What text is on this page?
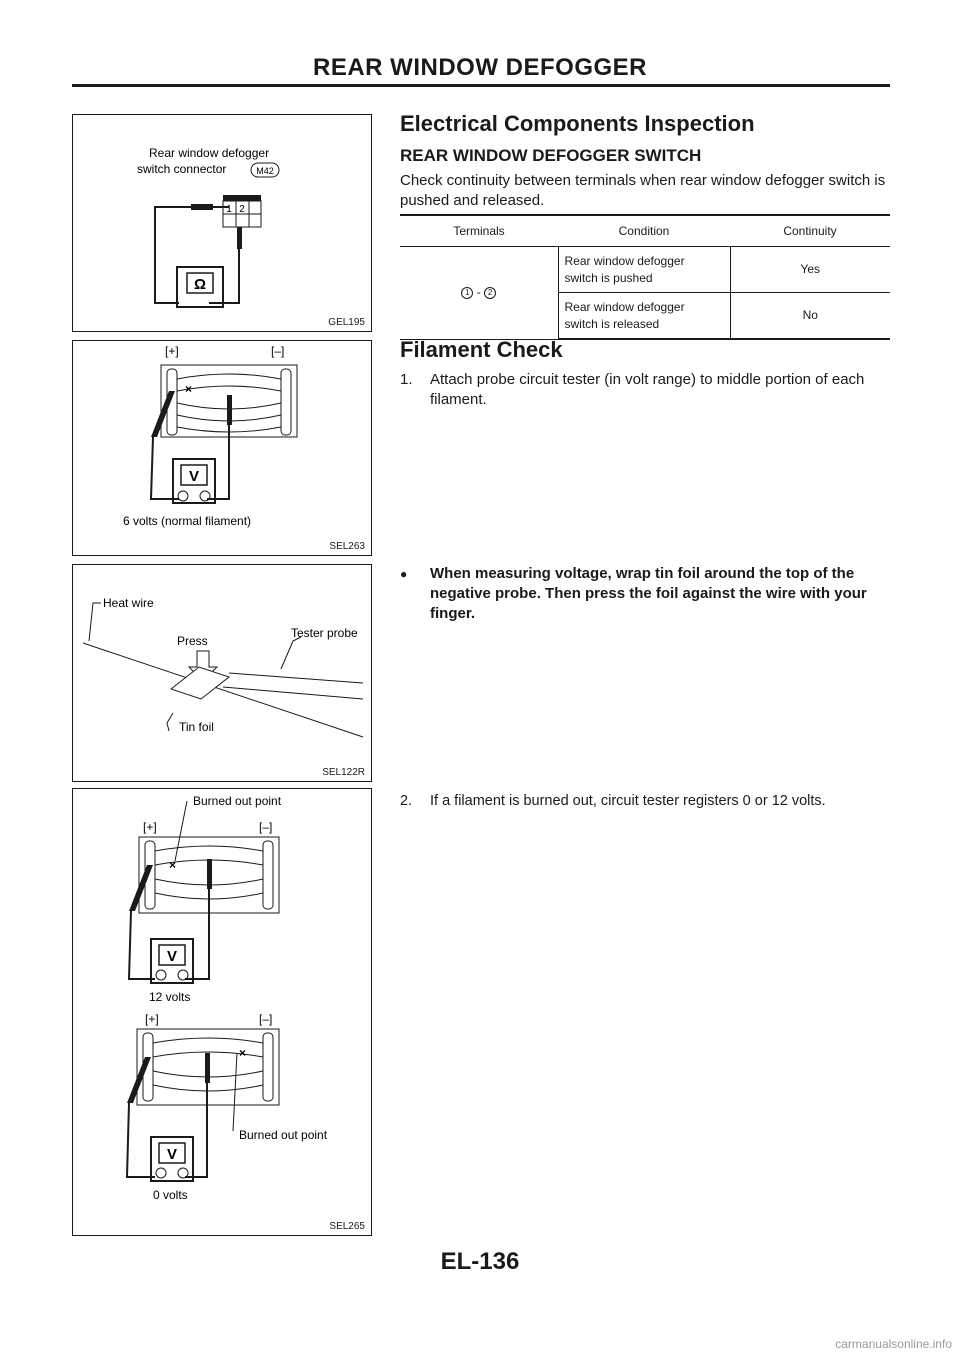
REAR WINDOW DEFOGGER
Rear window defogger
switch connector	M42
1 2
Ω
GEL195
[+]	[–]
×
V
6 volts (normal filament)
SEL263
Heat wire
Press
Tester probe
Tin foil
SEL122R
Burned out point
[+]	[–]
×
V
12 volts
[+]	[–]
×
Burned out point
V
0 volts
SEL265
Electrical Components Inspection
REAR WINDOW DEFOGGER SWITCH

Check continuity between terminals when rear window defogger switch is pushed and released.

Terminals	Condition	Continuity
1 - 2	Rear window defogger
switch is pushed	Yes
	Rear window defogger
switch is released	No
Filament Check

1. Attach probe circuit tester (in volt range) to middle portion of each filament.

● When measuring voltage, wrap tin foil around the top of the negative probe. Then press the foil against the wire with your finger.

2. If a filament is burned out, circuit tester registers 0 or 12 volts.

EL-136
carmanualsonline.info
